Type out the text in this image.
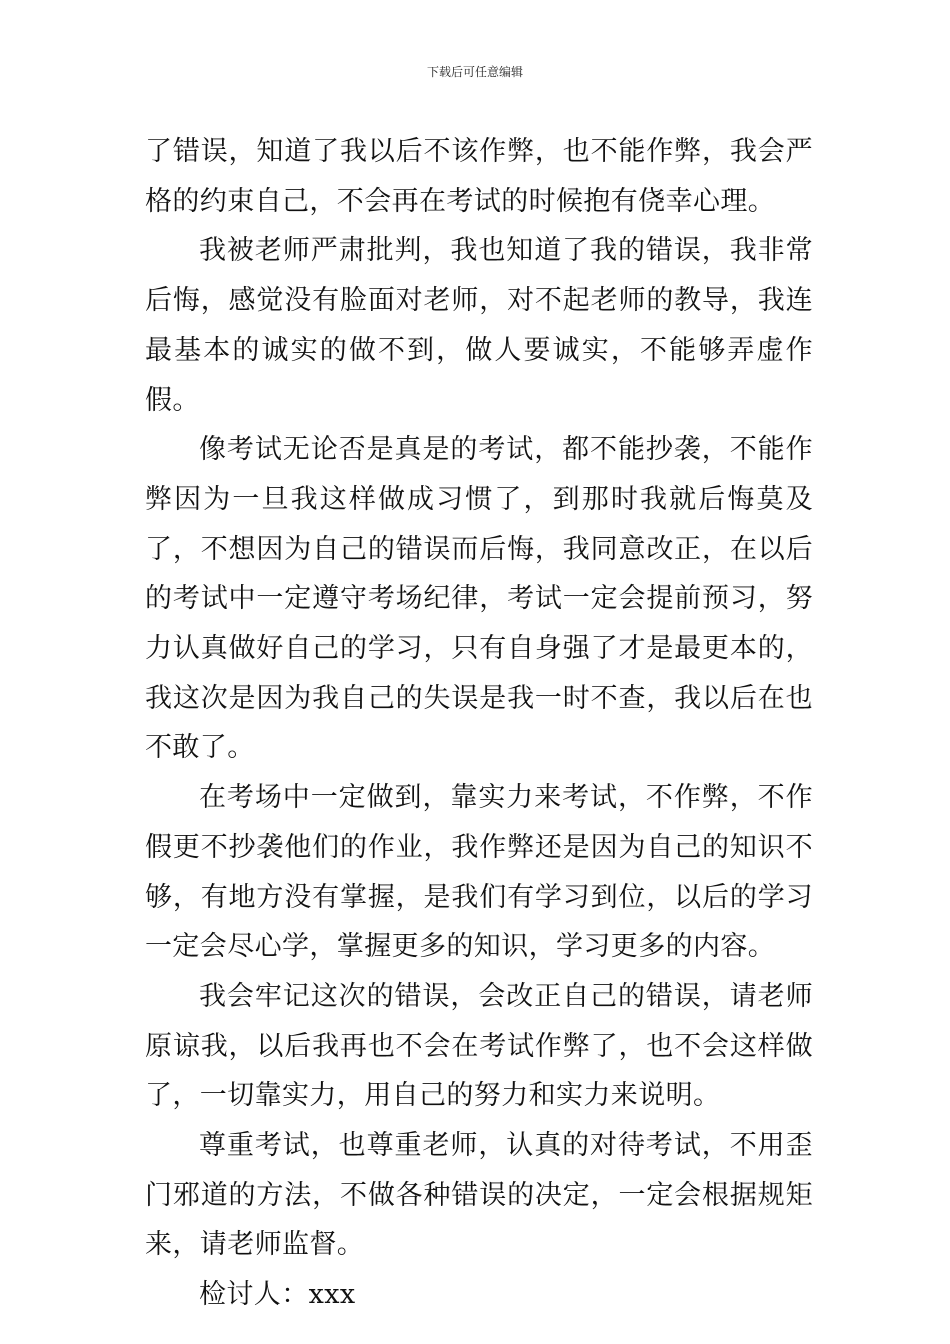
下载后可任意编辑

了错误，知道了我以后不该作弊，也不能作弊，我会严格的约束自己，不会再在考试的时候抱有侥幸心理。

我被老师严肃批判，我也知道了我的错误，我非常后悔，感觉没有脸面对老师，对不起老师的教导，我连最基本的诚实的做不到，做人要诚实，不能够弄虚作假。

像考试无论否是真是的考试，都不能抄袭，不能作弊因为一旦我这样做成习惯了，到那时我就后悔莫及了，不想因为自己的错误而后悔，我同意改正，在以后的考试中一定遵守考场纪律，考试一定会提前预习，努力认真做好自己的学习，只有自身强了才是最更本的，我这次是因为我自己的失误是我一时不查，我以后在也不敢了。

在考场中一定做到，靠实力来考试，不作弊，不作假更不抄袭他们的作业，我作弊还是因为自己的知识不够，有地方没有掌握，是我们有学习到位，以后的学习一定会尽心学，掌握更多的知识，学习更多的内容。

我会牢记这次的错误，会改正自己的错误，请老师原谅我，以后我再也不会在考试作弊了，也不会这样做了，一切靠实力，用自己的努力和实力来说明。

尊重考试，也尊重老师，认真的对待考试，不用歪门邪道的方法，不做各种错误的决定，一定会根据规矩来，请老师监督。

检讨人：xxx
